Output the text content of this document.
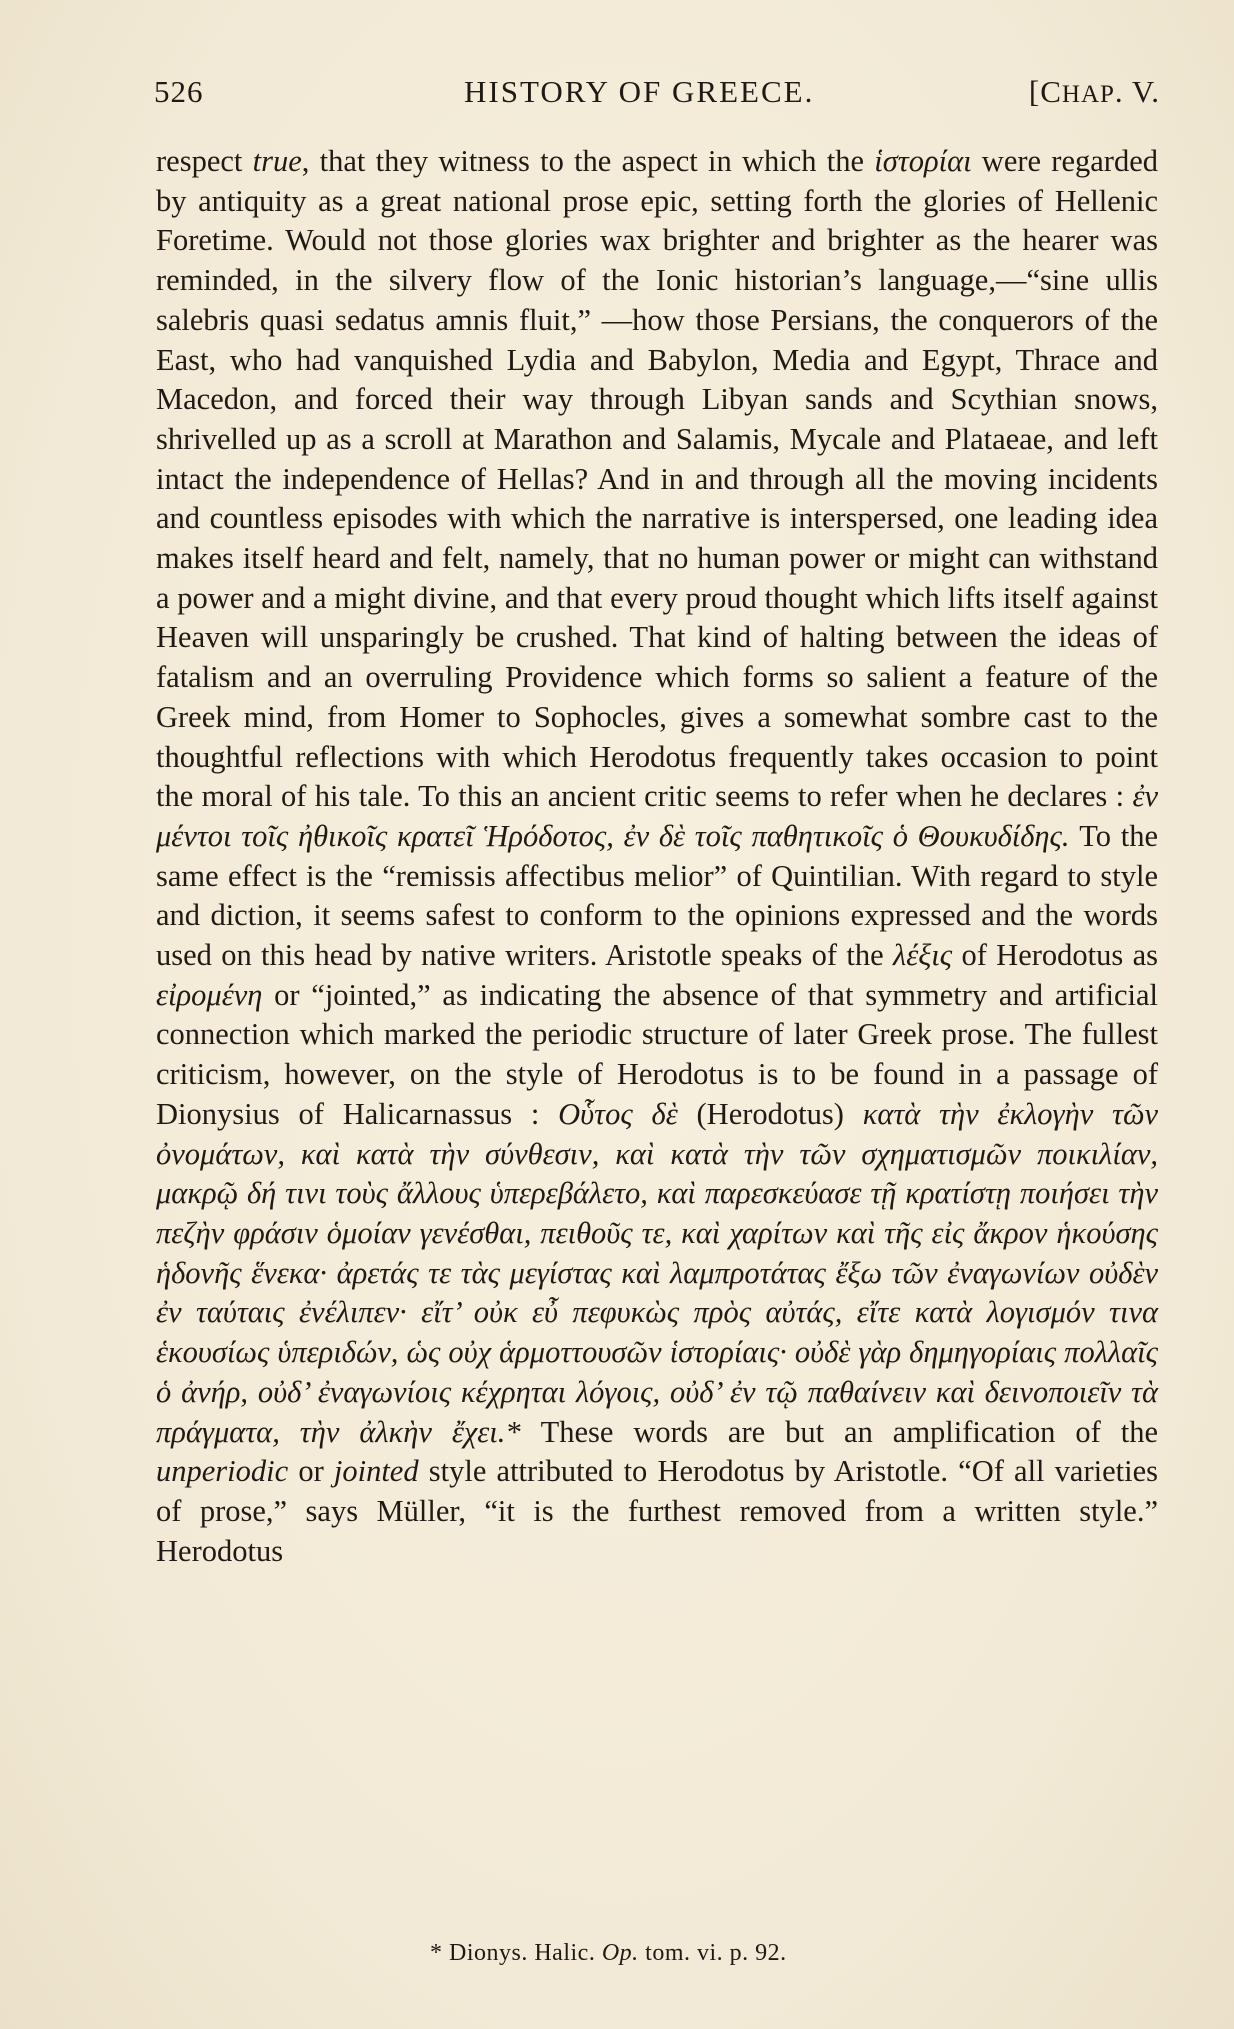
526	HISTORY OF GREECE.	[CHAP. V.

respect true, that they witness to the aspect in which the ἱστορίαι were regarded by antiquity as a great national prose epic, setting forth the glories of Hellenic Foretime. Would not those glories wax brighter and brighter as the hearer was reminded, in the silvery flow of the Ionic historian’s language,—“sine ullis salebris quasi sedatus amnis fluit,” —how those Persians, the conquerors of the East, who had vanquished Lydia and Babylon, Media and Egypt, Thrace and Macedon, and forced their way through Libyan sands and Scythian snows, shrivelled up as a scroll at Marathon and Salamis, Mycale and Plataeae, and left intact the independence of Hellas? And in and through all the moving incidents and countless episodes with which the narrative is interspersed, one leading idea makes itself heard and felt, namely, that no human power or might can withstand a power and a might divine, and that every proud thought which lifts itself against Heaven will unsparingly be crushed. That kind of halting between the ideas of fatalism and an overruling Providence which forms so salient a feature of the Greek mind, from Homer to Sophocles, gives a somewhat sombre cast to the thoughtful reflections with which Herodotus frequently takes occasion to point the moral of his tale. To this an ancient critic seems to refer when he declares : ἐν μέντοι τοῖς ἠθικοῖς κρατεῖ Ἡρόδοτος, ἐν δὲ τοῖς παθητικοῖς ὁ Θουκυδίδης. To the same effect is the “remissis affectibus melior” of Quintilian. With regard to style and diction, it seems safest to conform to the opinions expressed and the words used on this head by native writers. Aristotle speaks of the λέξις of Herodotus as εἰρομένη or “jointed,” as indicating the absence of that symmetry and artificial connection which marked the periodic structure of later Greek prose. The fullest criticism, however, on the style of Herodotus is to be found in a passage of Dionysius of Halicarnassus : Οὗτος δὲ (Herodotus) κατὰ τὴν ἐκλογὴν τῶν ὀνομάτων, καὶ κατὰ τὴν σύνθεσιν, καὶ κατὰ τὴν τῶν σχηματισμῶν ποικιλίαν, μακρῷ δή τινι τοὺς ἄλλους ὑπερεβάλετο, καὶ παρεσκεύασε τῇ κρατίστῃ ποιήσει τὴν πεζὴν φράσιν ὁμοίαν γενέσθαι, πειθοῦς τε, καὶ χαρίτων καὶ τῆς εἰς ἄκρον ἡκούσης ἡδονῆς ἕνεκα· ἀρετάς τε τὰς μεγίστας καὶ λαμπροτάτας ἔξω τῶν ἐναγωνίων οὐδὲν ἐν ταύταις ἐνέλιπεν· εἴτ’ οὐκ εὖ πεφυκὼς πρὸς αὐτάς, εἴτε κατὰ λογισμόν τινα ἑκουσίως ὑπεριδών, ὡς οὐχ ἁρμοττουσῶν ἱστορίαις· οὐδὲ γὰρ δημηγορίαις πολλαῖς ὁ ἀνήρ, οὐδ’ ἐναγωνίοις κέχρηται λόγοις, οὐδ’ ἐν τῷ παθαίνειν καὶ δεινοποιεῖν τὰ πράγματα, τὴν ἀλκὴν ἔχει.* These words are but an amplification of the unperiodic or jointed style attributed to Herodotus by Aristotle. “Of all varieties of prose,” says Müller, “it is the furthest removed from a written style.” Herodotus

* Dionys. Halic. Op. tom. vi. p. 92.
